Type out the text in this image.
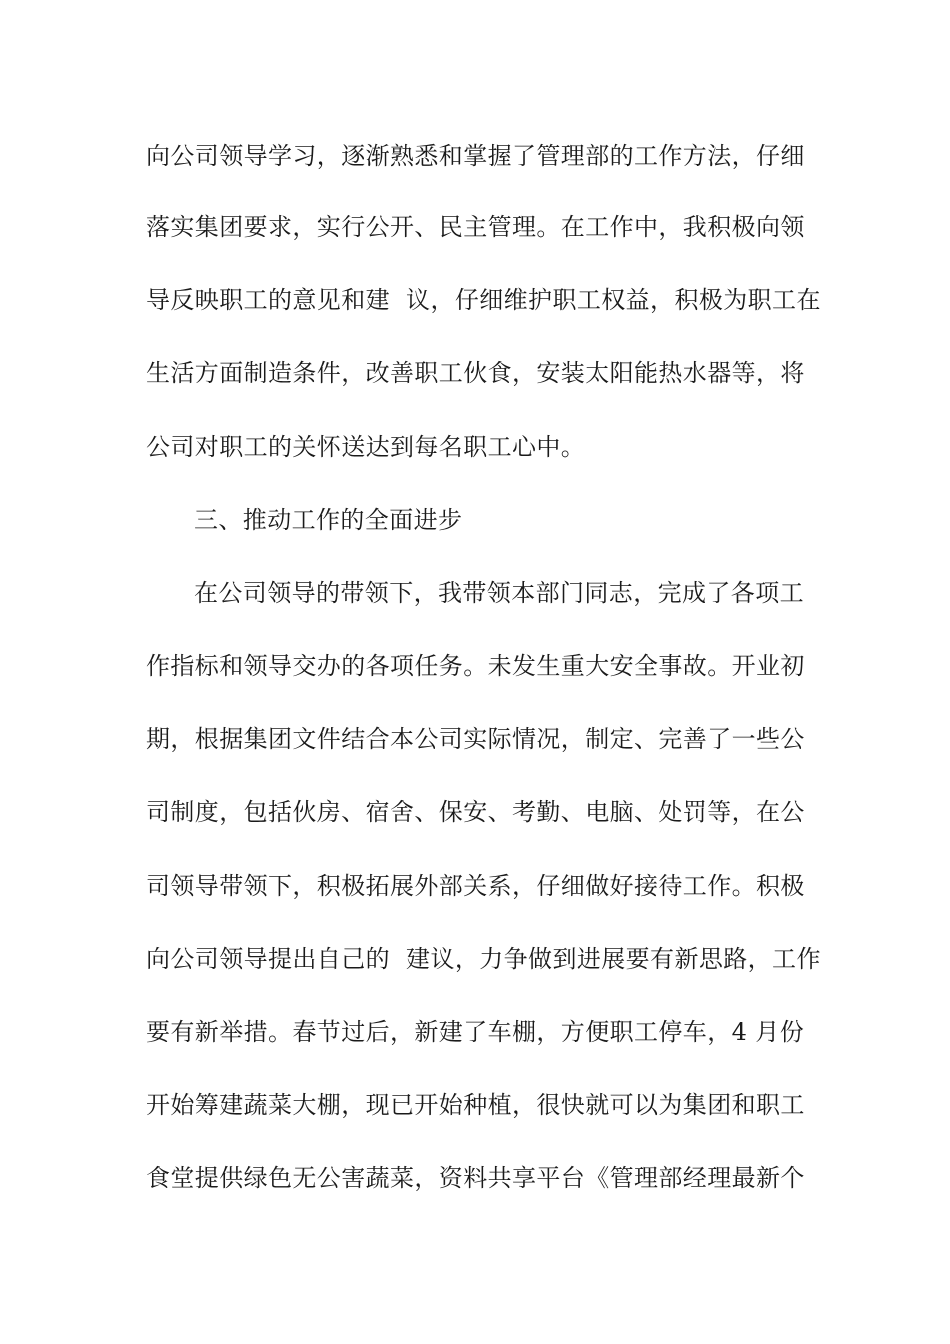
向公司领导学习，逐渐熟悉和掌握了管理部的工作方法，仔细
落实集团要求，实行公开、民主管理。在工作中，我积极向领
导反映职工的意见和建  议，仔细维护职工权益，积极为职工在
生活方面制造条件，改善职工伙食，安装太阳能热水器等，将
公司对职工的关怀送达到每名职工心中。
三、推动工作的全面进步
在公司领导的带领下，我带领本部门同志，完成了各项工
作指标和领导交办的各项任务。未发生重大安全事故。开业初
期，根据集团文件结合本公司实际情况，制定、完善了一些公
司制度，包括伙房、宿舍、保安、考勤、电脑、处罚等，在公
司领导带领下，积极拓展外部关系，仔细做好接待工作。积极
向公司领导提出自己的  建议，力争做到进展要有新思路，工作
要有新举措。春节过后，新建了车棚，方便职工停车，4 月份
开始筹建蔬菜大棚，现已开始种植，很快就可以为集团和职工
食堂提供绿色无公害蔬菜，资料共享平台《管理部经理最新个
